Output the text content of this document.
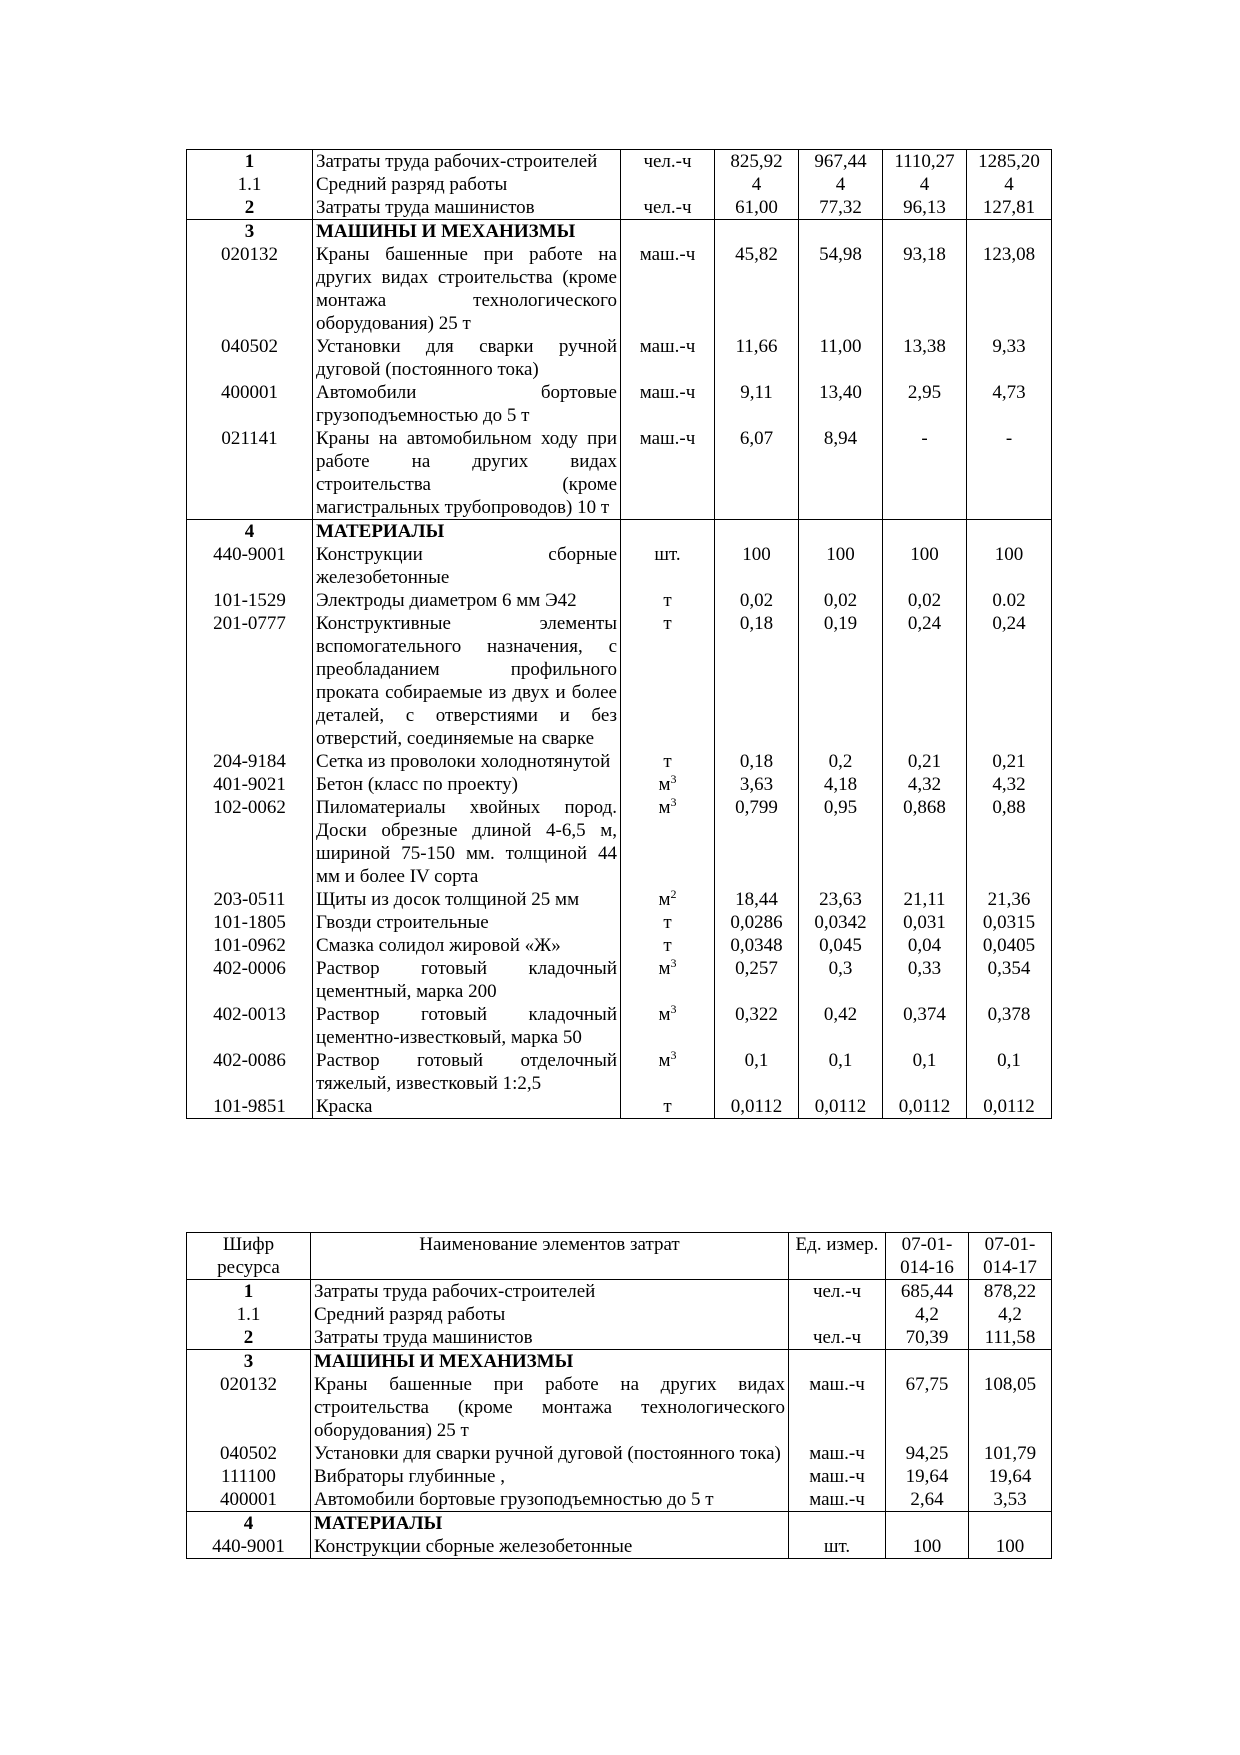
1	Затраты труда рабочих-строителей	чел.-ч	825,92	967,44	1110,27	1285,20
1.1	Средний разряд работы		4	4	4	4
2	Затраты труда машинистов	чел.-ч	61,00	77,32	96,13	127,81
3	МАШИНЫ И МЕХАНИЗМЫ					
020132	Краны башенные при работе на других видах строительства (кроме монтажа технологического оборудования) 25 т	маш.-ч	45,82	54,98	93,18	123,08
040502	Установки для сварки ручной дуговой (постоянного тока)	маш.-ч	11,66	11,00	13,38	9,33
400001	Автомобили бортовые грузоподъемностью до 5 т	маш.-ч	9,11	13,40	2,95	4,73
021141	Краны на автомобильном ходу при работе на других видах строительства (кроме магистральных трубопроводов) 10 т	маш.-ч	6,07	8,94	-	-
4	МАТЕРИАЛЫ					
440-9001	Конструкции сборные железобетонные	шт.	100	100	100	100
101-1529	Электроды диаметром 6 мм Э42	т	0,02	0,02	0,02	0.02
201-0777	Конструктивные элементы вспомогательного назначения, с преобладанием профильного проката собираемые из двух и более деталей, с отверстиями и без отверстий, соединяемые на сварке	т	0,18	0,19	0,24	0,24
204-9184	Сетка из проволоки холоднотянутой	т	0,18	0,2	0,21	0,21
401-9021	Бетон (класс по проекту)	$м^3$	3,63	4,18	4,32	4,32
102-0062	Пиломатериалы хвойных пород. Доски обрезные длиной 4-6,5 м, шириной 75-150 мм. толщиной 44 мм и более IV сорта	$м^3$	0,799	0,95	0,868	0,88
203-0511	Щиты из досок толщиной 25 мм	$м^2$	18,44	23,63	21,11	21,36
101-1805	Гвозди строительные	т	0,0286	0,0342	0,031	0,0315
101-0962	Смазка солидол жировой «Ж»	т	0,0348	0,045	0,04	0,0405
402-0006	Раствор готовый кладочный цементный, марка 200	$м^3$	0,257	0,3	0,33	0,354
402-0013	Раствор готовый кладочный цементно-известковый, марка 50	$м^3$	0,322	0,42	0,374	0,378
402-0086	Раствор готовый отделочный тяжелый, известковый 1:2,5	$м^3$	0,1	0,1	0,1	0,1
101-9851	Краска	т	0,0112	0,0112	0,0112	0,0112
Шифр ресурса	Наименование элементов затрат	Ед. измер.	07-01-014-16	07-01-014-17
1	Затраты труда рабочих-строителей	чел.-ч	685,44	878,22
1.1	Средний разряд работы		4,2	4,2
2	Затраты труда машинистов	чел.-ч	70,39	111,58
3	МАШИНЫ И МЕХАНИЗМЫ			
020132	Краны башенные при работе на других видах строительства (кроме монтажа технологического оборудования) 25 т	маш.-ч	67,75	108,05
040502	Установки для сварки ручной дуговой (постоянного тока)	маш.-ч	94,25	101,79
111100	Вибраторы глубинные ,	маш.-ч	19,64	19,64
400001	Автомобили бортовые грузоподъемностью до 5 т	маш.-ч	2,64	3,53
4	МАТЕРИАЛЫ			
440-9001	Конструкции сборные железобетонные	шт.	100	100
